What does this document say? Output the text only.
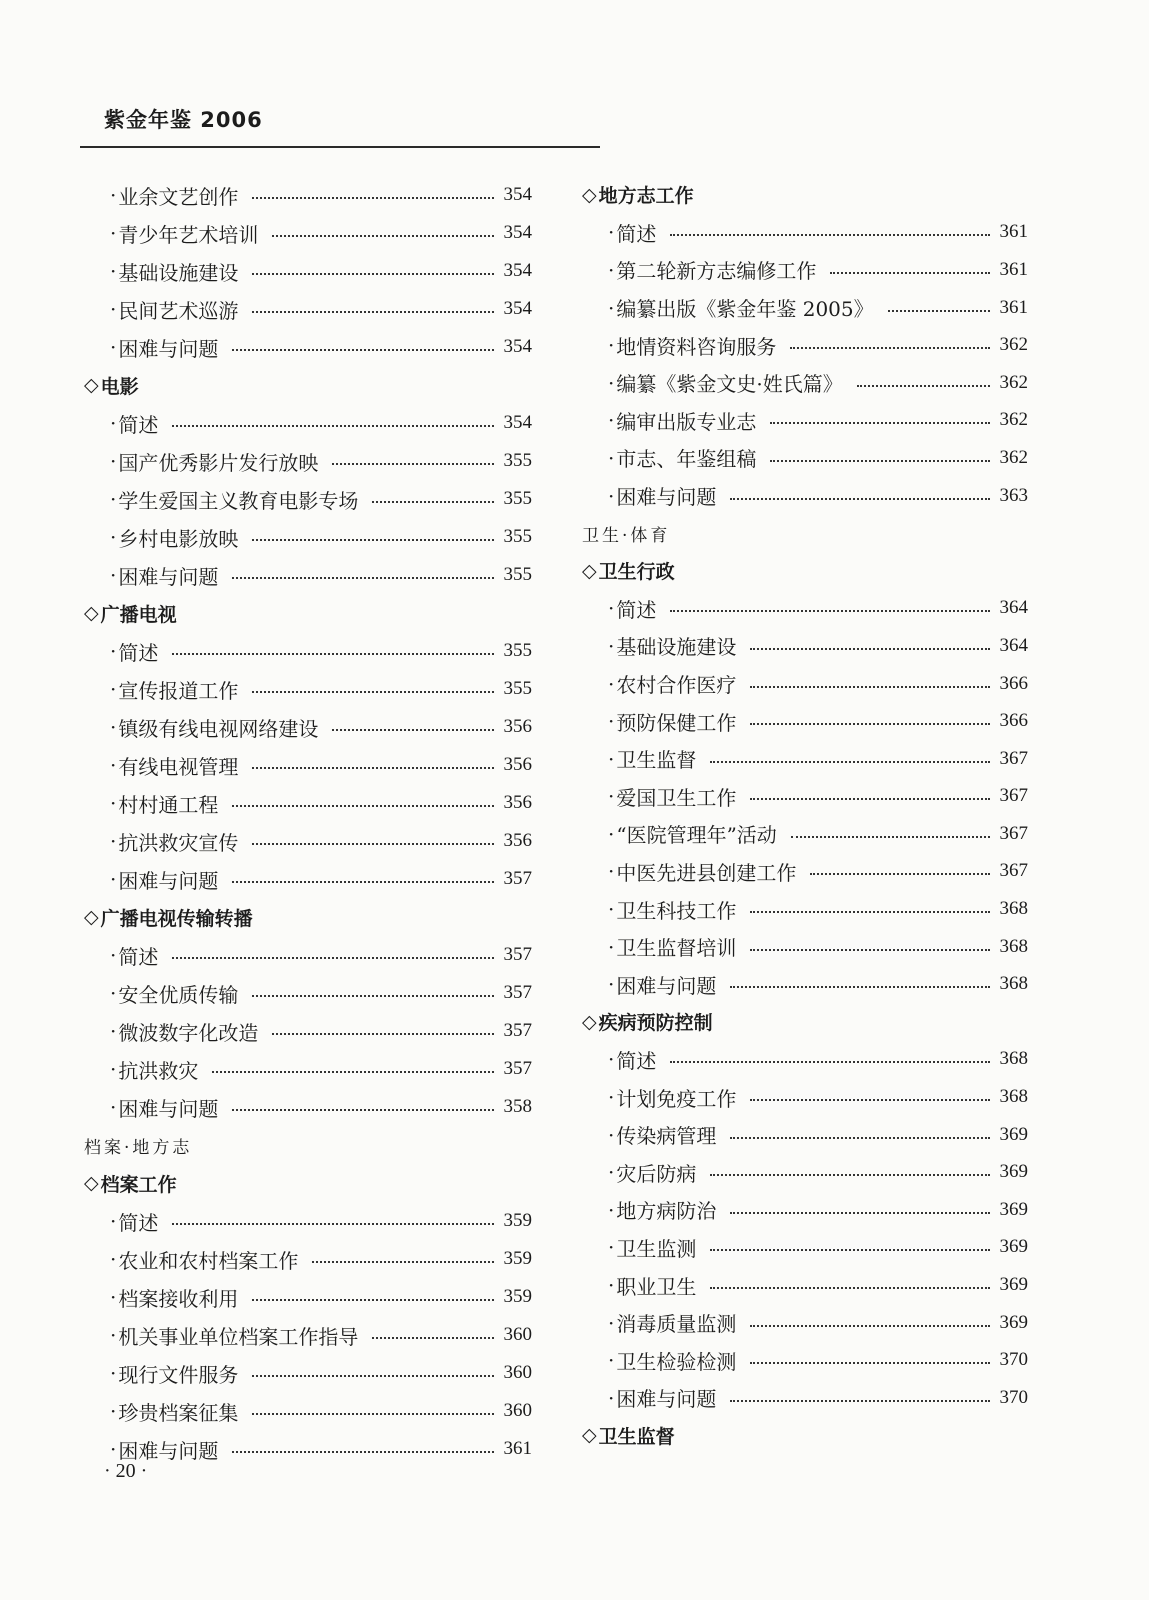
紫金年鉴 2006
· 业余文艺创作	354
· 青少年艺术培训	354
· 基础设施建设	354
· 民间艺术巡游	354
· 困难与问题	354
◇ 电影
· 简述	354
· 国产优秀影片发行放映	355
· 学生爱国主义教育电影专场	355
· 乡村电影放映	355
· 困难与问题	355
◇ 广播电视
· 简述	355
· 宣传报道工作	355
· 镇级有线电视网络建设	356
· 有线电视管理	356
· 村村通工程	356
· 抗洪救灾宣传	356
· 困难与问题	357
◇ 广播电视传输转播
· 简述	357
· 安全优质传输	357
· 微波数字化改造	357
· 抗洪救灾	357
· 困难与问题	358
档案·地方志
◇ 档案工作
· 简述	359
· 农业和农村档案工作	359
· 档案接收利用	359
· 机关事业单位档案工作指导	360
· 现行文件服务	360
· 珍贵档案征集	360
· 困难与问题	361
◇ 地方志工作
· 简述	361
· 第二轮新方志编修工作	361
· 编纂出版《紫金年鉴 2005》	361
· 地情资料咨询服务	362
· 编纂《紫金文史·姓氏篇》	362
· 编审出版专业志	362
· 市志、年鉴组稿	362
· 困难与问题	363
卫生·体育
◇ 卫生行政
· 简述	364
· 基础设施建设	364
· 农村合作医疗	366
· 预防保健工作	366
· 卫生监督	367
· 爱国卫生工作	367
· “医院管理年”活动	367
· 中医先进县创建工作	367
· 卫生科技工作	368
· 卫生监督培训	368
· 困难与问题	368
◇ 疾病预防控制
· 简述	368
· 计划免疫工作	368
· 传染病管理	369
· 灾后防病	369
· 地方病防治	369
· 卫生监测	369
· 职业卫生	369
· 消毒质量监测	369
· 卫生检验检测	370
· 困难与问题	370
◇ 卫生监督
· 20 ·
